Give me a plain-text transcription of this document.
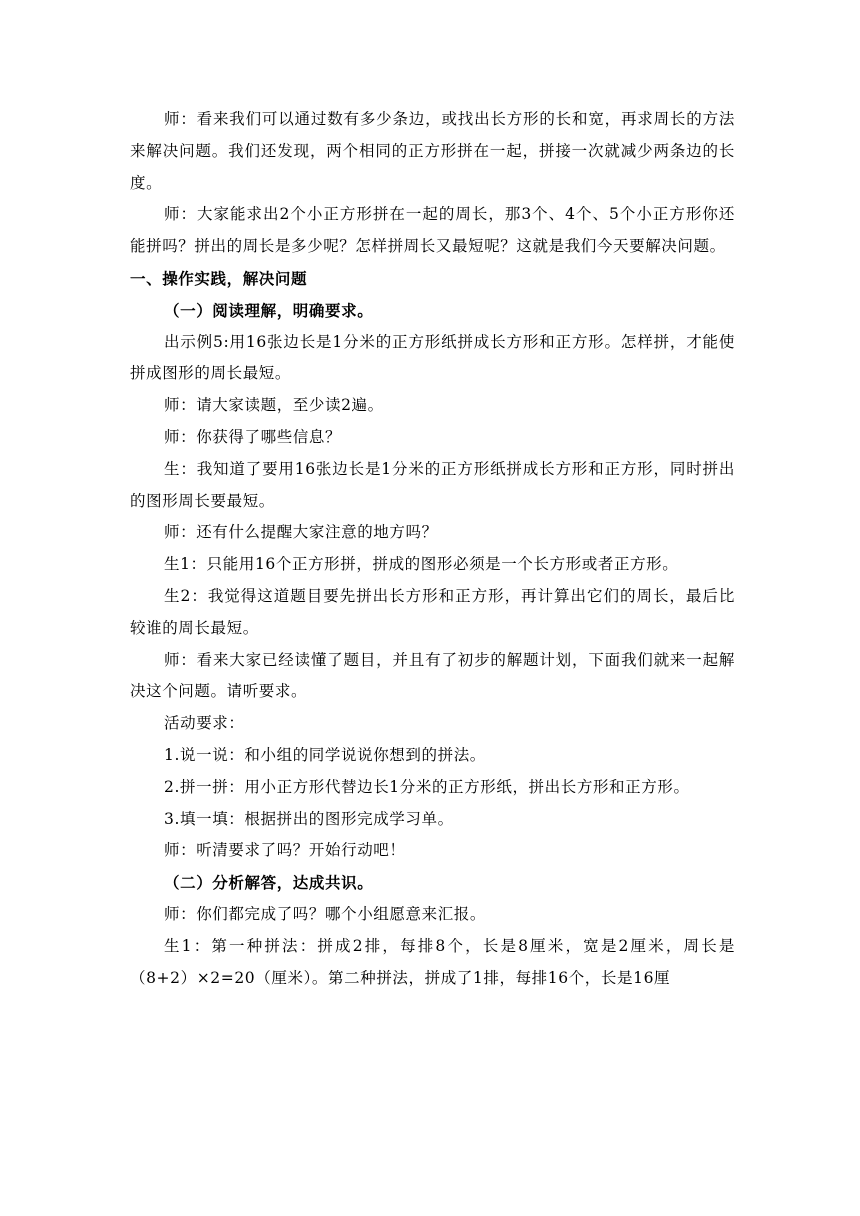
师：看来我们可以通过数有多少条边，或找出长方形的长和宽，再求周长的方法来解决问题。我们还发现，两个相同的正方形拼在一起，拼接一次就减少两条边的长度。

师：大家能求出2个小正方形拼在一起的周长，那3个、4个、5个小正方形你还能拼吗？拼出的周长是多少呢？怎样拼周长又最短呢？这就是我们今天要解决问题。

一、操作实践，解决问题

（一）阅读理解，明确要求。

出示例5:用16张边长是1分米的正方形纸拼成长方形和正方形。怎样拼，才能使拼成图形的周长最短。

师：请大家读题，至少读2遍。

师：你获得了哪些信息？

生：我知道了要用16张边长是1分米的正方形纸拼成长方形和正方形，同时拼出的图形周长要最短。

师：还有什么提醒大家注意的地方吗？

生1：只能用16个正方形拼，拼成的图形必须是一个长方形或者正方形。

生2：我觉得这道题目要先拼出长方形和正方形，再计算出它们的周长，最后比较谁的周长最短。

师：看来大家已经读懂了题目，并且有了初步的解题计划，下面我们就来一起解决这个问题。请听要求。

活动要求：

1.说一说：和小组的同学说说你想到的拼法。

2.拼一拼：用小正方形代替边长1分米的正方形纸，拼出长方形和正方形。

3.填一填：根据拼出的图形完成学习单。

师：听清要求了吗？开始行动吧！

（二）分析解答，达成共识。

师：你们都完成了吗？哪个小组愿意来汇报。

生1：第一种拼法：拼成2排，每排8个，长是8厘米，宽是2厘米，周长是（8+2）×2=20（厘米）。第二种拼法，拼成了1排，每排16个，长是16厘
